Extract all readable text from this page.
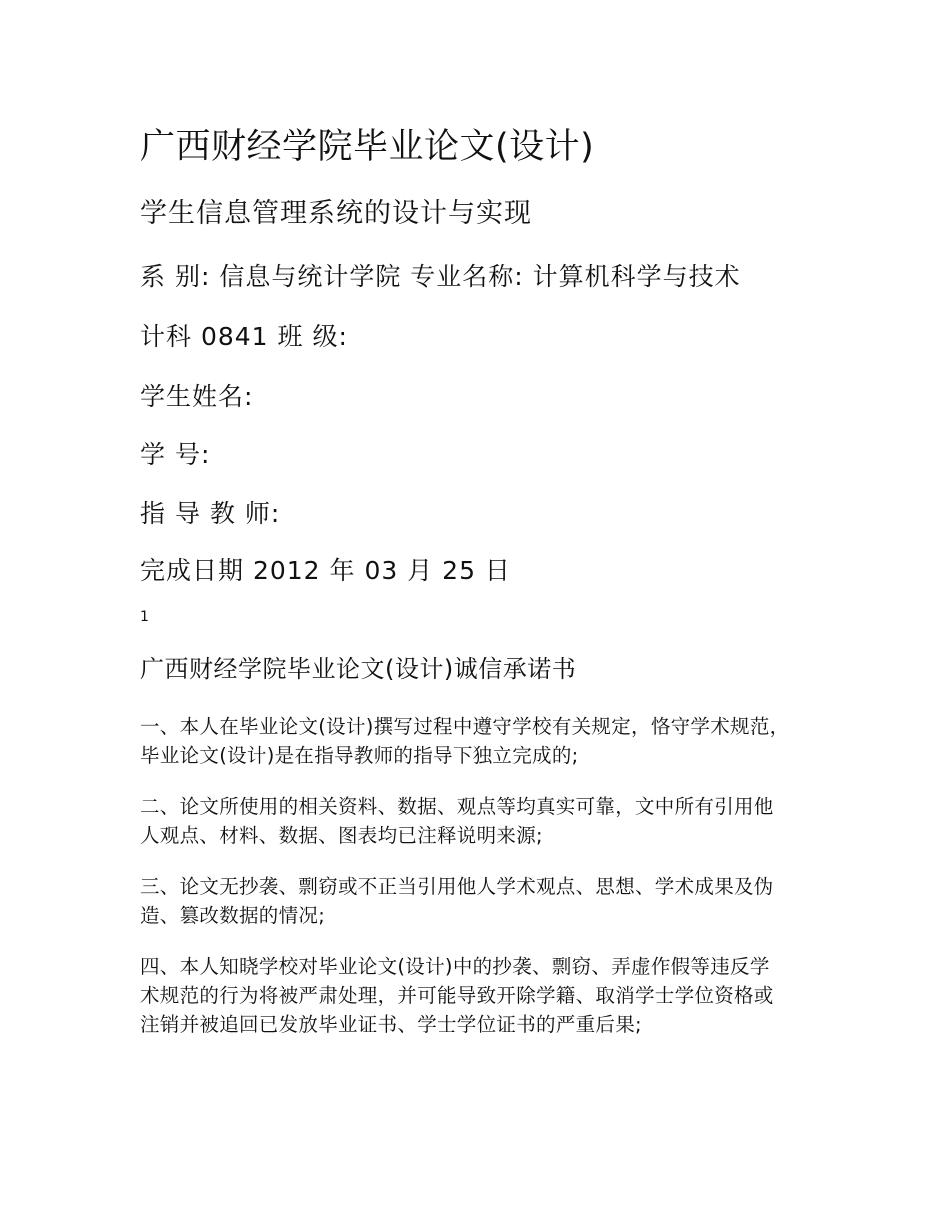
广西财经学院毕业论文(设计)
学生信息管理系统的设计与实现
系 别: 信息与统计学院 专业名称: 计算机科学与技术
计科 0841 班 级:
学生姓名:
学 号:
指 导 教 师:
完成日期 2012 年 03 月 25 日
1
广西财经学院毕业论文(设计)诚信承诺书
一、本人在毕业论文(设计)撰写过程中遵守学校有关规定，恪守学术规范，
毕业论文(设计)是在指导教师的指导下独立完成的;
二、论文所使用的相关资料、数据、观点等均真实可靠，文中所有引用他
人观点、材料、数据、图表均已注释说明来源;
三、论文无抄袭、剽窃或不正当引用他人学术观点、思想、学术成果及伪
造、篡改数据的情况;
四、本人知晓学校对毕业论文(设计)中的抄袭、剽窃、弄虚作假等违反学
术规范的行为将被严肃处理，并可能导致开除学籍、取消学士学位资格或
注销并被追回已发放毕业证书、学士学位证书的严重后果;
